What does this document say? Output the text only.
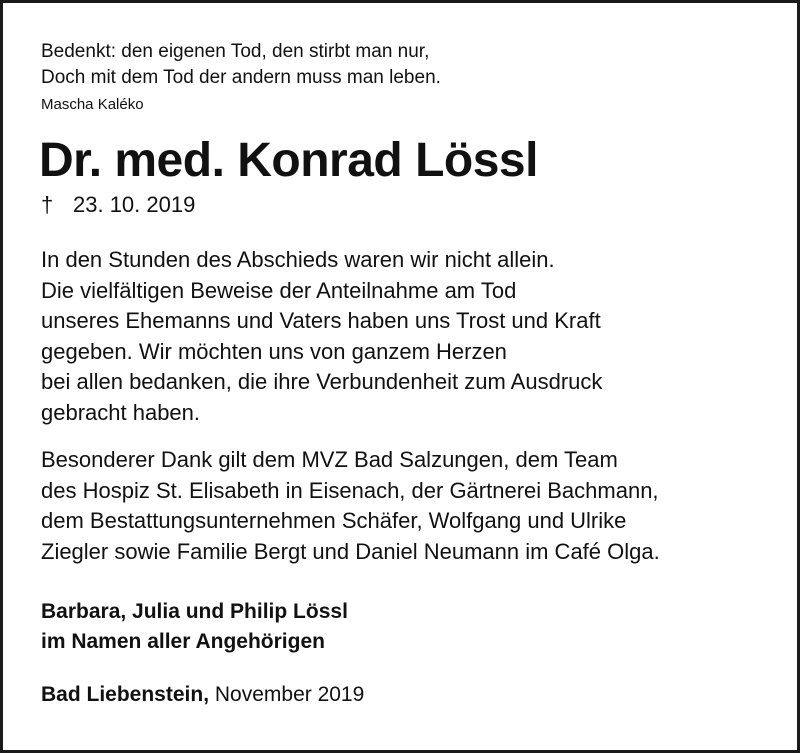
Bedenkt: den eigenen Tod, den stirbt man nur,
Doch mit dem Tod der andern muss man leben.
Mascha Kaléko
Dr. med. Konrad Lössl
† 23. 10. 2019
In den Stunden des Abschieds waren wir nicht allein.
Die vielfältigen Beweise der Anteilnahme am Tod
unseres Ehemanns und Vaters haben uns Trost und Kraft
gegeben. Wir möchten uns von ganzem Herzen
bei allen bedanken, die ihre Verbundenheit zum Ausdruck
gebracht haben.
Besonderer Dank gilt dem MVZ Bad Salzungen, dem Team
des Hospiz St. Elisabeth in Eisenach, der Gärtnerei Bachmann,
dem Bestattungsunternehmen Schäfer, Wolfgang und Ulrike
Ziegler sowie Familie Bergt und Daniel Neumann im Café Olga.
Barbara, Julia und Philip Lössl
im Namen aller Angehörigen
Bad Liebenstein, November 2019
